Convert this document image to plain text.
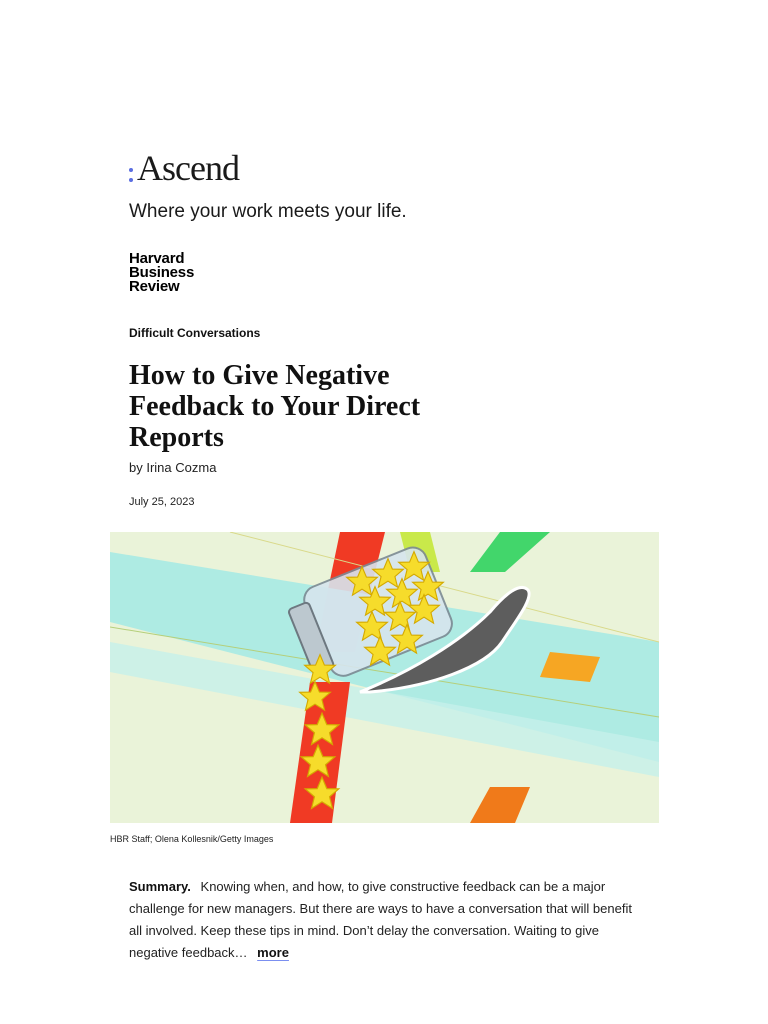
Ascend
Where your work meets your life.
Harvard
Business
Review
Difficult Conversations
How to Give Negative Feedback to Your Direct Reports
by Irina Cozma
July 25, 2023
HBR Staff; Olena Kollesnik/Getty Images

Summary. Knowing when, and how, to give constructive feedback can be a major challenge for new managers. But there are ways to have a conversation that will benefit all involved. Keep these tips in mind. Don’t delay the conversation. Waiting to give negative feedback… more
